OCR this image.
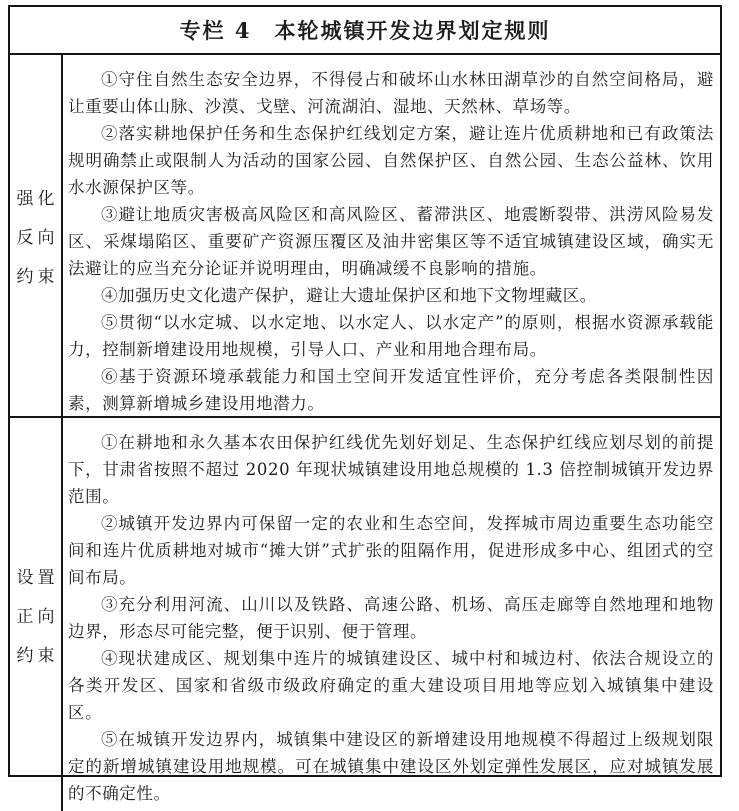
专栏 4　本轮城镇开发边界划定规则
强化
反向
约束

①守住自然生态安全边界，不得侵占和破坏山水林田湖草沙的自然空间格局，避让重要山体山脉、沙漠、戈壁、河流湖泊、湿地、天然林、草场等。

②落实耕地保护任务和生态保护红线划定方案，避让连片优质耕地和已有政策法规明确禁止或限制人为活动的国家公园、自然保护区、自然公园、生态公益林、饮用水水源保护区等。

③避让地质灾害极高风险区和高风险区、蓄滞洪区、地震断裂带、洪涝风险易发区、采煤塌陷区、重要矿产资源压覆区及油井密集区等不适宜城镇建设区域，确实无法避让的应当充分论证并说明理由，明确减缓不良影响的措施。

④加强历史文化遗产保护，避让大遗址保护区和地下文物埋藏区。

⑤贯彻“以水定城、以水定地、以水定人、以水定产”的原则，根据水资源承载能力，控制新增建设用地规模，引导人口、产业和用地合理布局。

⑥基于资源环境承载能力和国土空间开发适宜性评价，充分考虑各类限制性因素，测算新增城乡建设用地潜力。

设置
正向
约束

①在耕地和永久基本农田保护红线优先划好划足、生态保护红线应划尽划的前提下，甘肃省按照不超过 2020 年现状城镇建设用地总规模的 1.3 倍控制城镇开发边界范围。

②城镇开发边界内可保留一定的农业和生态空间，发挥城市周边重要生态功能空间和连片优质耕地对城市“摊大饼”式扩张的阻隔作用，促进形成多中心、组团式的空间布局。

③充分利用河流、山川以及铁路、高速公路、机场、高压走廊等自然地理和地物边界，形态尽可能完整，便于识别、便于管理。

④现状建成区、规划集中连片的城镇建设区、城中村和城边村、依法合规设立的各类开发区、国家和省级市级政府确定的重大建设项目用地等应划入城镇集中建设区。

⑤在城镇开发边界内，城镇集中建设区的新增建设用地规模不得超过上级规划限定的新增城镇建设用地规模。可在城镇集中建设区外划定弹性发展区，应对城镇发展的不确定性。
